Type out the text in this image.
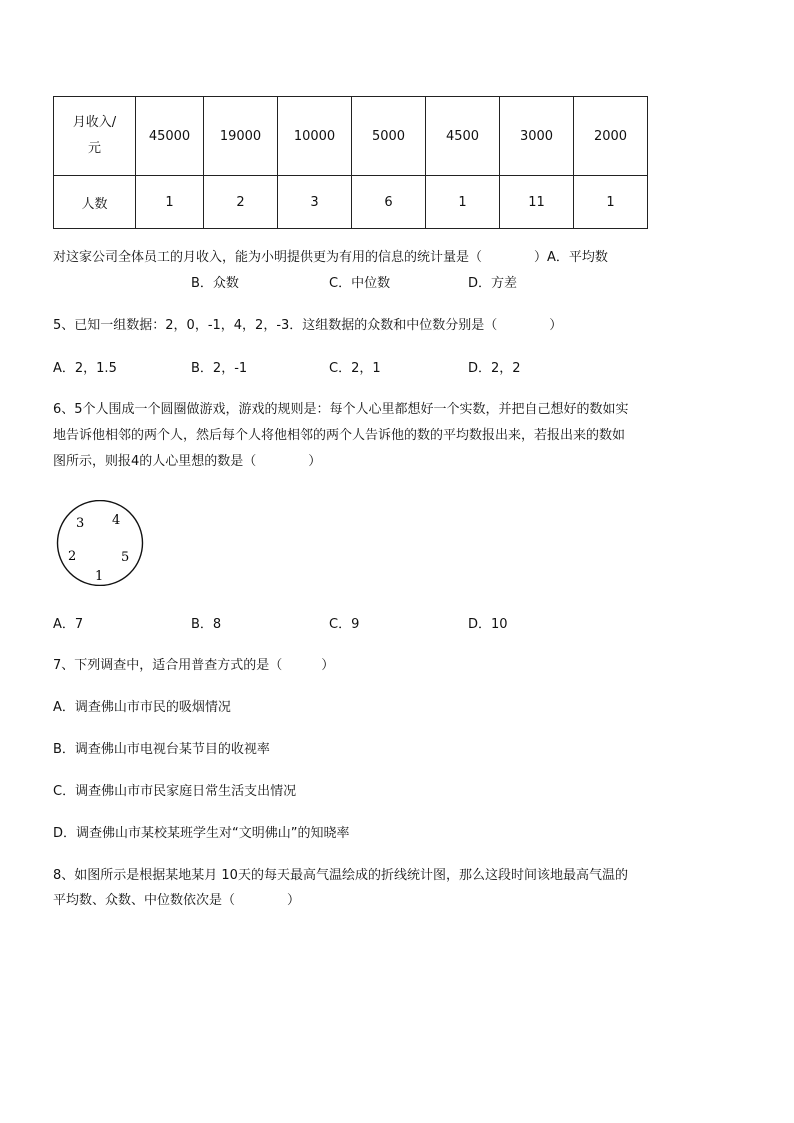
月收入/
元	45000	19000	10000	5000	4500	3000	2000
人数	1	2	3	6	1	11	1
对这家公司全体员工的月收入，能为小明提供更为有用的信息的统计量是（　　　　）A．平均数
B．众数	C．中位数	D．方差
5、已知一组数据：2，0，-1，4，2，-3．这组数据的众数和中位数分别是（　　　　）
A．2，1.5	B．2，-1	C．2，1	D．2，2
6、5个人围成一个圆圈做游戏，游戏的规则是：每个人心里都想好一个实数，并把自己想好的数如实
地告诉他相邻的两个人，然后每个人将他相邻的两个人告诉他的数的平均数报出来，若报出来的数如
图所示，则报4的人心里想的数是（　　　　）
3 4
2	5
1
A．7	B．8	C．9	D．10
7、下列调查中，适合用普查方式的是（　　　）
A．调查佛山市市民的吸烟情况
B．调查佛山市电视台某节目的收视率
C．调查佛山市市民家庭日常生活支出情况
D．调查佛山市某校某班学生对“文明佛山”的知晓率
8、如图所示是根据某地某月 10天的每天最高气温绘成的折线统计图，那么这段时间该地最高气温的
平均数、众数、中位数依次是（　　　　）
